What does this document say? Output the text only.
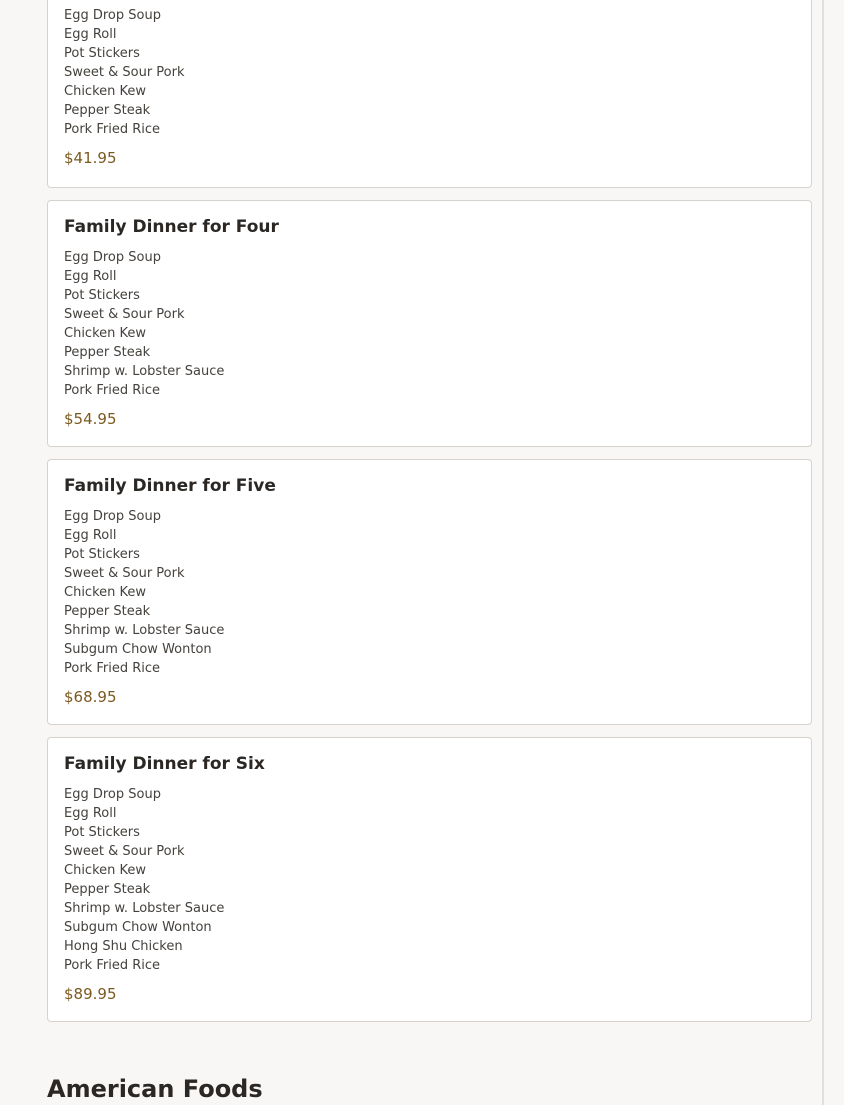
Egg Drop Soup
Egg Roll
Pot Stickers
Sweet & Sour Pork
Chicken Kew
Pepper Steak
Pork Fried Rice
$41.95
Family Dinner for Four
Egg Drop Soup
Egg Roll
Pot Stickers
Sweet & Sour Pork
Chicken Kew
Pepper Steak
Shrimp w. Lobster Sauce
Pork Fried Rice
$54.95
Family Dinner for Five
Egg Drop Soup
Egg Roll
Pot Stickers
Sweet & Sour Pork
Chicken Kew
Pepper Steak
Shrimp w. Lobster Sauce
Subgum Chow Wonton
Pork Fried Rice
$68.95
Family Dinner for Six
Egg Drop Soup
Egg Roll
Pot Stickers
Sweet & Sour Pork
Chicken Kew
Pepper Steak
Shrimp w. Lobster Sauce
Subgum Chow Wonton
Hong Shu Chicken
Pork Fried Rice
$89.95
American Foods
